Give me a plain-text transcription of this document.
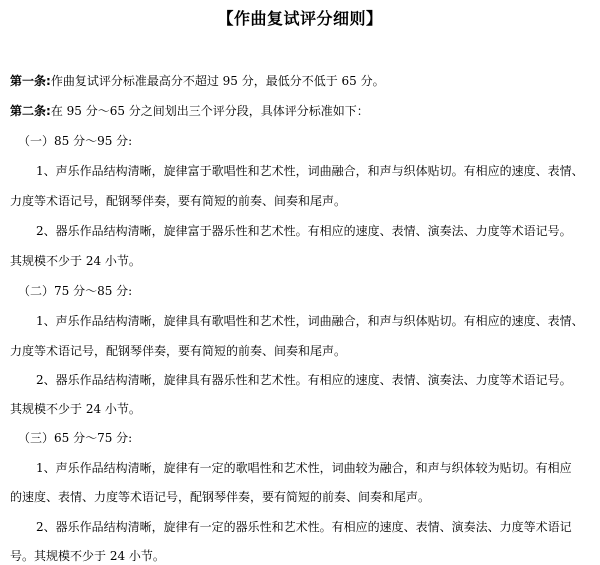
【作曲复试评分细则】
第一条:作曲复试评分标准最高分不超过 95 分，最低分不低于 65 分。
第二条:在 95 分～65 分之间划出三个评分段，具体评分标准如下：
（一）85 分～95 分:
1、声乐作品结构清晰，旋律富于歌唱性和艺术性，词曲融合，和声与织体贴切。有相应的速度、表情、
力度等术语记号，配钢琴伴奏，要有简短的前奏、间奏和尾声。
2、器乐作品结构清晰，旋律富于器乐性和艺术性。有相应的速度、表情、演奏法、力度等术语记号。
其规模不少于 24 小节。
（二）75 分～85 分:
1、声乐作品结构清晰，旋律具有歌唱性和艺术性，词曲融合，和声与织体贴切。有相应的速度、表情、
力度等术语记号，配钢琴伴奏，要有简短的前奏、间奏和尾声。
2、器乐作品结构清晰，旋律具有器乐性和艺术性。有相应的速度、表情、演奏法、力度等术语记号。
其规模不少于 24 小节。
（三）65 分～75 分:
1、声乐作品结构清晰，旋律有一定的歌唱性和艺术性，词曲较为融合，和声与织体较为贴切。有相应
的速度、表情、力度等术语记号，配钢琴伴奏，要有简短的前奏、间奏和尾声。
2、器乐作品结构清晰，旋律有一定的器乐性和艺术性。有相应的速度、表情、演奏法、力度等术语记
号。其规模不少于 24 小节。
